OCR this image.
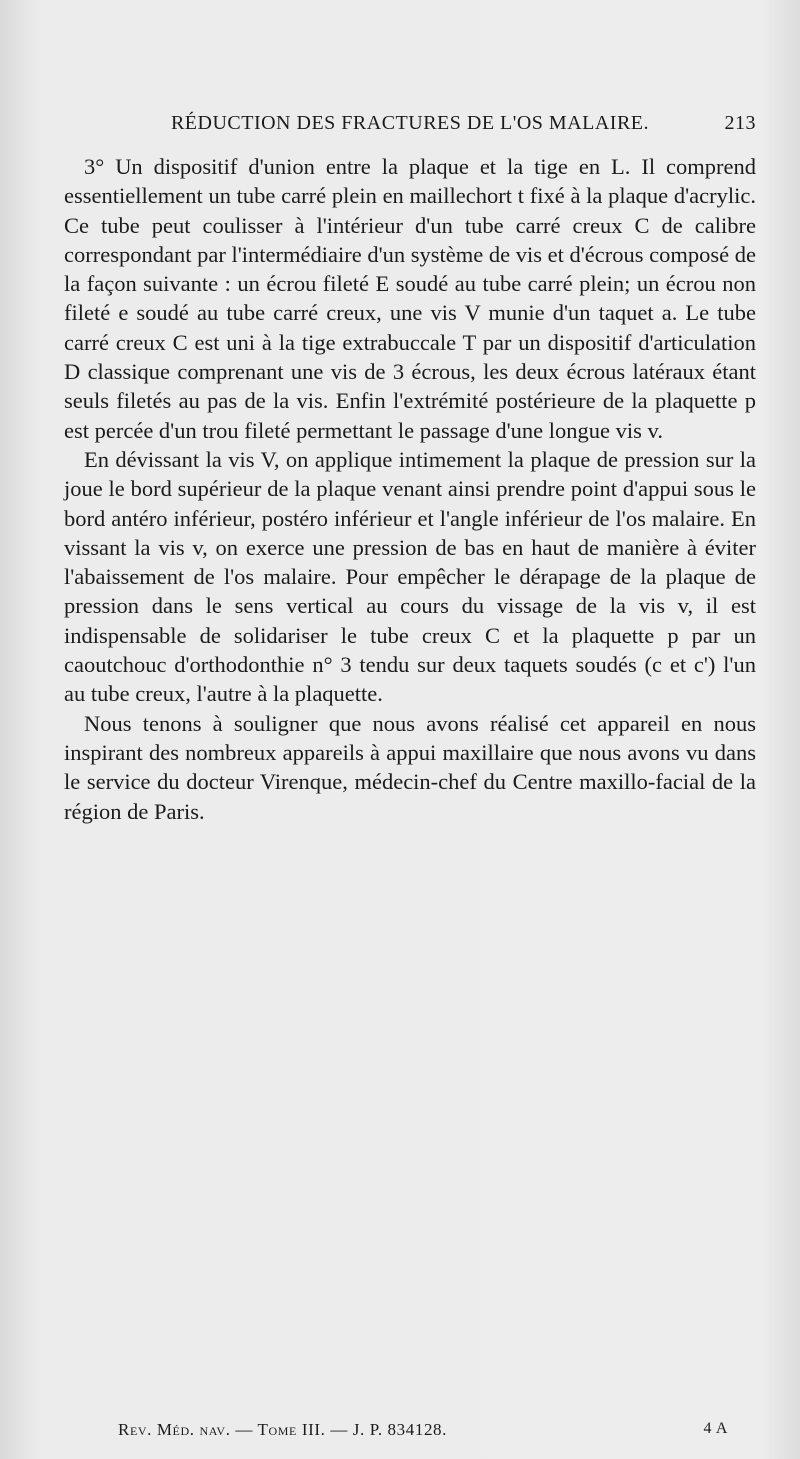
RÉDUCTION DES FRACTURES DE L'OS MALAIRE.	213

3° Un dispositif d'union entre la plaque et la tige en L. Il comprend essentiellement un tube carré plein en maillechort t fixé à la plaque d'acrylic. Ce tube peut coulisser à l'intérieur d'un tube carré creux C de calibre correspondant par l'intermédiaire d'un système de vis et d'écrous composé de la façon suivante : un écrou fileté E soudé au tube carré plein; un écrou non fileté e soudé au tube carré creux, une vis V munie d'un taquet a. Le tube carré creux C est uni à la tige extrabuccale T par un dispositif d'articulation D classique comprenant une vis de 3 écrous, les deux écrous latéraux étant seuls filetés au pas de la vis. Enfin l'extrémité postérieure de la plaquette p est percée d'un trou fileté permettant le passage d'une longue vis v.

En dévissant la vis V, on applique intimement la plaque de pression sur la joue le bord supérieur de la plaque venant ainsi prendre point d'appui sous le bord antéro inférieur, postéro inférieur et l'angle inférieur de l'os malaire. En vissant la vis v, on exerce une pression de bas en haut de manière à éviter l'abaissement de l'os malaire. Pour empêcher le dérapage de la plaque de pression dans le sens vertical au cours du vissage de la vis v, il est indispensable de solidariser le tube creux C et la plaquette p par un caoutchouc d'orthodonthie n° 3 tendu sur deux taquets soudés (c et c') l'un au tube creux, l'autre à la plaquette.

Nous tenons à souligner que nous avons réalisé cet appareil en nous inspirant des nombreux appareils à appui maxillaire que nous avons vu dans le service du docteur Virenque, médecin-chef du Centre maxillo-facial de la région de Paris.

Rev. Méd. nav. — Tome III. — J. P. 834128.	4 A
